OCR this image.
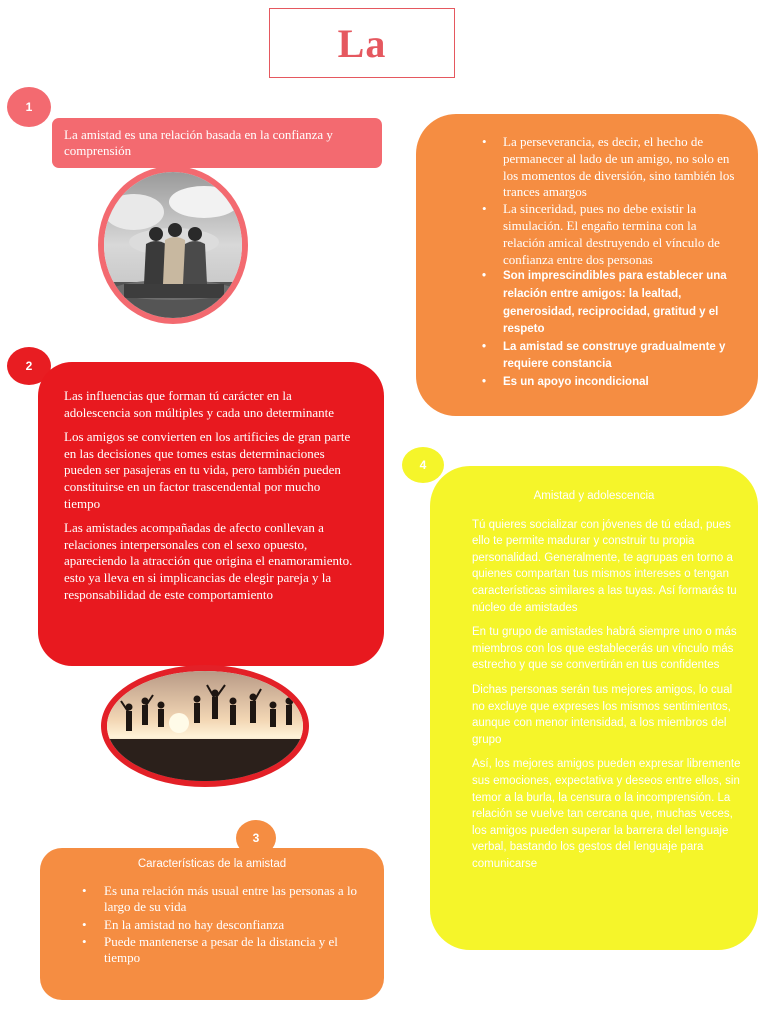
La
1
2
3
4
La amistad es una relación basada en la confianza y comprensión

Las influencias que forman tú carácter en la adolescencia son múltiples y cada uno determinante

Los amigos se convierten en los artificies de gran parte en las decisiones que tomes estas determinaciones pueden ser pasajeras en tu vida, pero también pueden constituirse en un factor trascendental por mucho tiempo

Las amistades acompañadas de afecto conllevan a relaciones interpersonales con el sexo opuesto, apareciendo la atracción que origina el enamoramiento. esto ya lleva en si implicancias de elegir pareja y la responsabilidad de este comportamiento

Características de la amistad
• Es una relación más usual entre las personas a lo largo de su vida
• En la amistad no hay desconfianza
• Puede mantenerse a pesar de la distancia y el tiempo
• La perseverancia, es decir, el hecho de permanecer al lado de un amigo, no solo en los momentos de diversión, sino también los trances amargos
• La sinceridad, pues no debe existir la simulación. El engaño termina con la relación amical destruyendo el vínculo de confianza entre dos personas
• Son imprescindibles para establecer una relación entre amigos: la lealtad, generosidad, reciprocidad, gratitud y el respeto
• La amistad se construye gradualmente y requiere constancia
• Es un apoyo incondicional
Amistad y adolescencia

Tú quieres socializar con jóvenes de tú edad, pues ello te permite madurar y construir tu propia personalidad. Generalmente, te agrupas en torno a quienes compartan tus mismos intereses o tengan características similares a las tuyas. Así formarás tu núcleo de amistades

En tu grupo de amistades habrá siempre uno o más miembros con los que establecerás un vínculo más estrecho y que se convertirán en tus confidentes

Dichas personas serán tus mejores amigos, lo cual no excluye que expreses los mismos sentimientos, aunque con menor intensidad, a los miembros del grupo

Así, los mejores amigos pueden expresar libremente sus emociones, expectativa y deseos entre ellos, sin temor a la burla, la censura o la incomprensión. La relación se vuelve tan cercana que, muchas veces, los amigos pueden superar la barrera del lenguaje verbal, bastando los gestos del lenguaje para comunicarse
